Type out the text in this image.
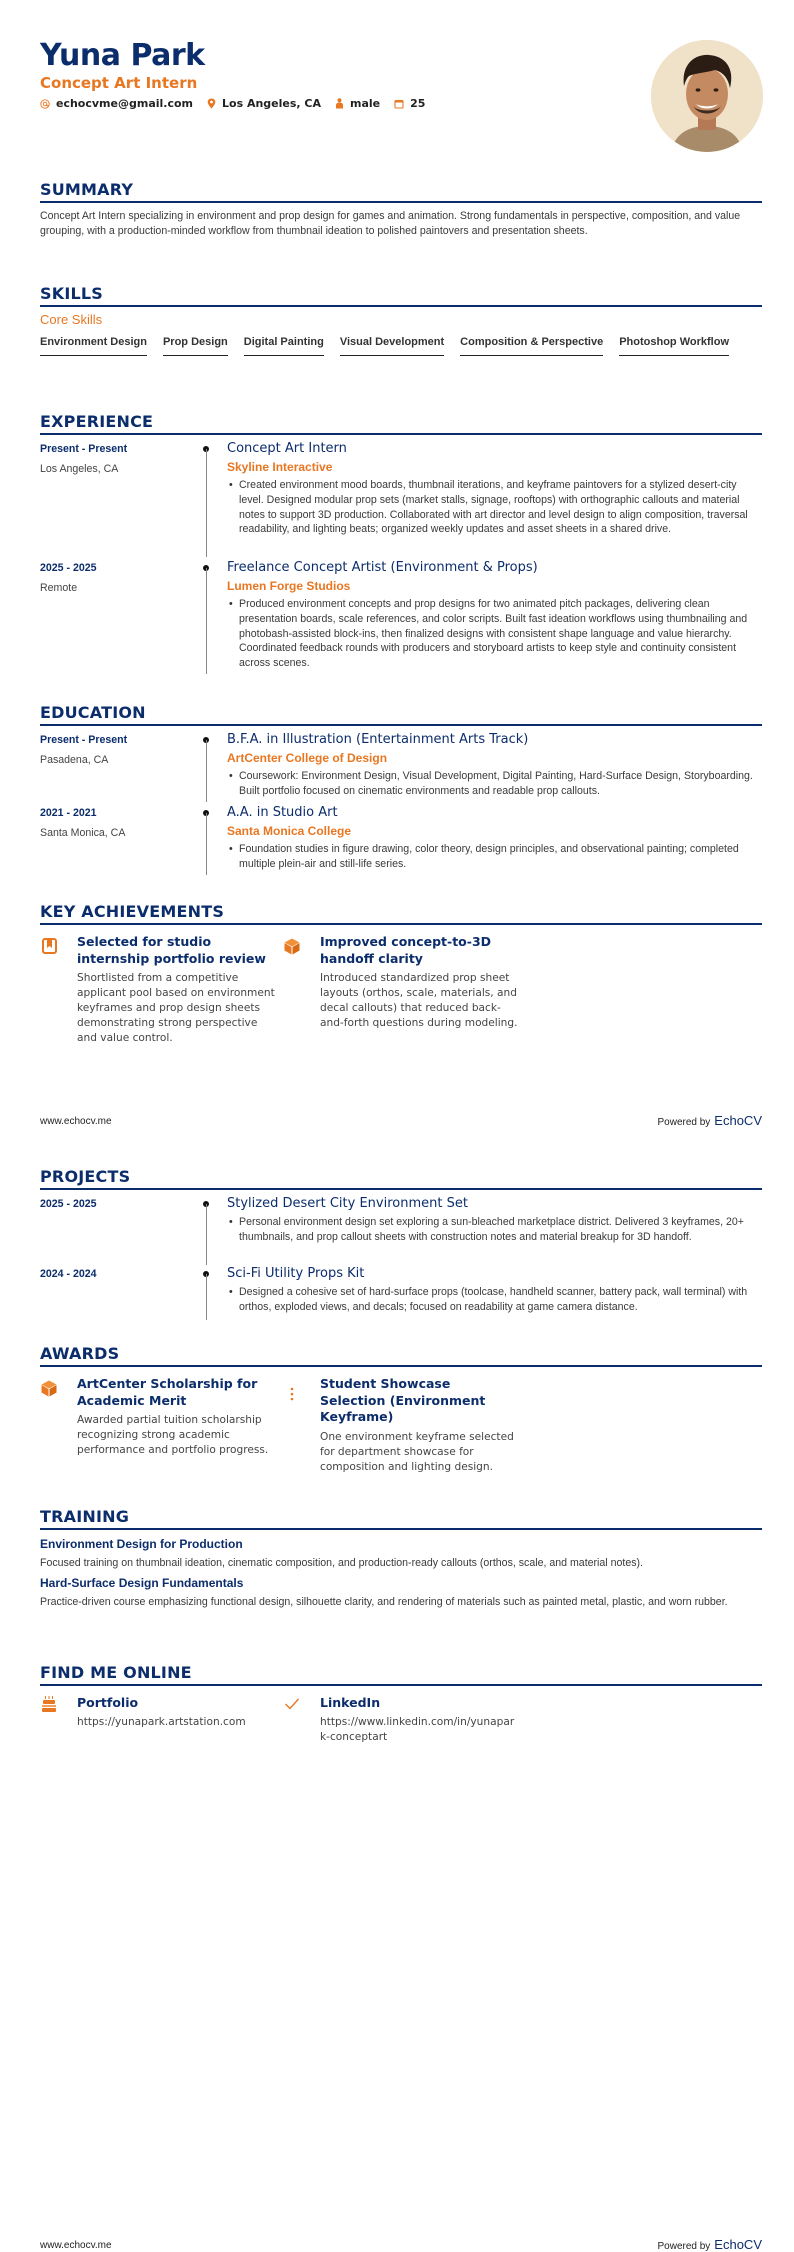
Yuna Park
Concept Art Intern
echocvme@gmail.com	Los Angeles, CA	male	25
SUMMARY
Concept Art Intern specializing in environment and prop design for games and animation. Strong fundamentals in perspective, composition, and value grouping, with a production-minded workflow from thumbnail ideation to polished paintovers and presentation sheets.
SKILLS
Core Skills
Environment Design Prop Design Digital Painting Visual Development Composition & Perspective Photoshop Workflow
EXPERIENCE
Present - Present
Los Angeles, CA
Concept Art Intern
Skyline Interactive
• Created environment mood boards, thumbnail iterations, and keyframe paintovers for a stylized desert-city level. Designed modular prop sets (market stalls, signage, rooftops) with orthographic callouts and material notes to support 3D production. Collaborated with art director and level design to align composition, traversal readability, and lighting beats; organized weekly updates and asset sheets in a shared drive.
2025 - 2025
Remote
Freelance Concept Artist (Environment & Props)
Lumen Forge Studios
• Produced environment concepts and prop designs for two animated pitch packages, delivering clean presentation boards, scale references, and color scripts. Built fast ideation workflows using thumbnailing and photobash-assisted block-ins, then finalized designs with consistent shape language and value hierarchy. Coordinated feedback rounds with producers and storyboard artists to keep style and continuity consistent across scenes.
EDUCATION
Present - Present
Pasadena, CA
B.F.A. in Illustration (Entertainment Arts Track)
ArtCenter College of Design
• Coursework: Environment Design, Visual Development, Digital Painting, Hard-Surface Design, Storyboarding. Built portfolio focused on cinematic environments and readable prop callouts.
2021 - 2021
Santa Monica, CA
A.A. in Studio Art
Santa Monica College
• Foundation studies in figure drawing, color theory, design principles, and observational painting; completed multiple plein-air and still-life series.
KEY ACHIEVEMENTS
Selected for studio internship portfolio review
Shortlisted from a competitive applicant pool based on environment keyframes and prop design sheets demonstrating strong perspective and value control.
Improved concept-to-3D handoff clarity
Introduced standardized prop sheet layouts (orthos, scale, materials, and decal callouts) that reduced back-and-forth questions during modeling.
www.echocv.me	Powered by EchoCV
PROJECTS
2025 - 2025	Stylized Desert City Environment Set
• Personal environment design set exploring a sun-bleached marketplace district. Delivered 3 keyframes, 20+ thumbnails, and prop callout sheets with construction notes and material breakup for 3D handoff.
2024 - 2024	Sci-Fi Utility Props Kit
• Designed a cohesive set of hard-surface props (toolcase, handheld scanner, battery pack, wall terminal) with orthos, exploded views, and decals; focused on readability at game camera distance.
AWARDS
ArtCenter Scholarship for Academic Merit
Awarded partial tuition scholarship recognizing strong academic performance and portfolio progress.
Student Showcase Selection (Environment Keyframe)
One environment keyframe selected for department showcase for composition and lighting design.
TRAINING
Environment Design for Production
Focused training on thumbnail ideation, cinematic composition, and production-ready callouts (orthos, scale, and material notes).
Hard-Surface Design Fundamentals
Practice-driven course emphasizing functional design, silhouette clarity, and rendering of materials such as painted metal, plastic, and worn rubber.
FIND ME ONLINE
Portfolio
https://yunapark.artstation.com
LinkedIn
https://www.linkedin.com/in/yunapark-conceptart
www.echocv.me	Powered by EchoCV
